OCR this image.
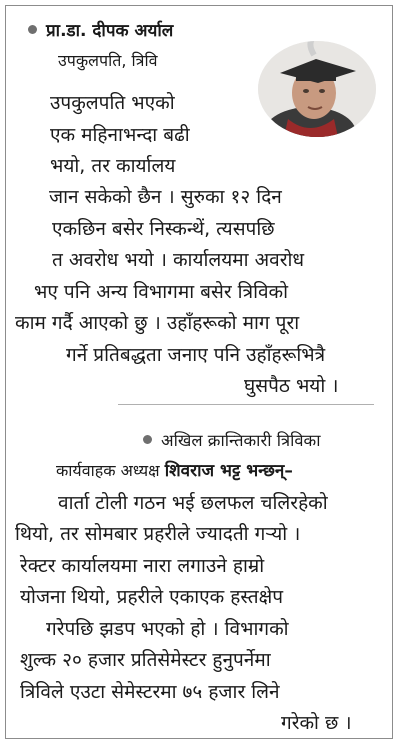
प्रा.डा. दीपक अर्याल
उपकुलपति, त्रिवि
उपकुलपति भएको
एक महिनाभन्दा बढी
भयो, तर कार्यालय
जान सकेको छैन । सुरुका १२ दिन
एकछिन बसेर निस्कन्थें, त्यसपछि
त अवरोध भयो । कार्यालयमा अवरोध
भए पनि अन्य विभागमा बसेर त्रिविको
काम गर्दै आएको छु । उहाँहरूको माग पूरा
गर्ने प्रतिबद्धता जनाए पनि उहाँहरूभित्रै
घुसपैठ भयो ।
अखिल क्रान्तिकारी त्रिविका
कार्यवाहक अध्यक्ष शिवराज भट्ट भन्छन्–
वार्ता टोली गठन भई छलफल चलिरहेको
थियो, तर सोमबार प्रहरीले ज्यादती गर्‍यो ।
रेक्टर कार्यालयमा नारा लगाउने हाम्रो
योजना थियो, प्रहरीले एकाएक हस्तक्षेप
गरेपछि झडप भएको हो । विभागको
शुल्क २० हजार प्रतिसेमेस्टर हुनुपर्नेमा
त्रिविले एउटा सेमेस्टरमा ७५ हजार लिने
गरेको छ ।
